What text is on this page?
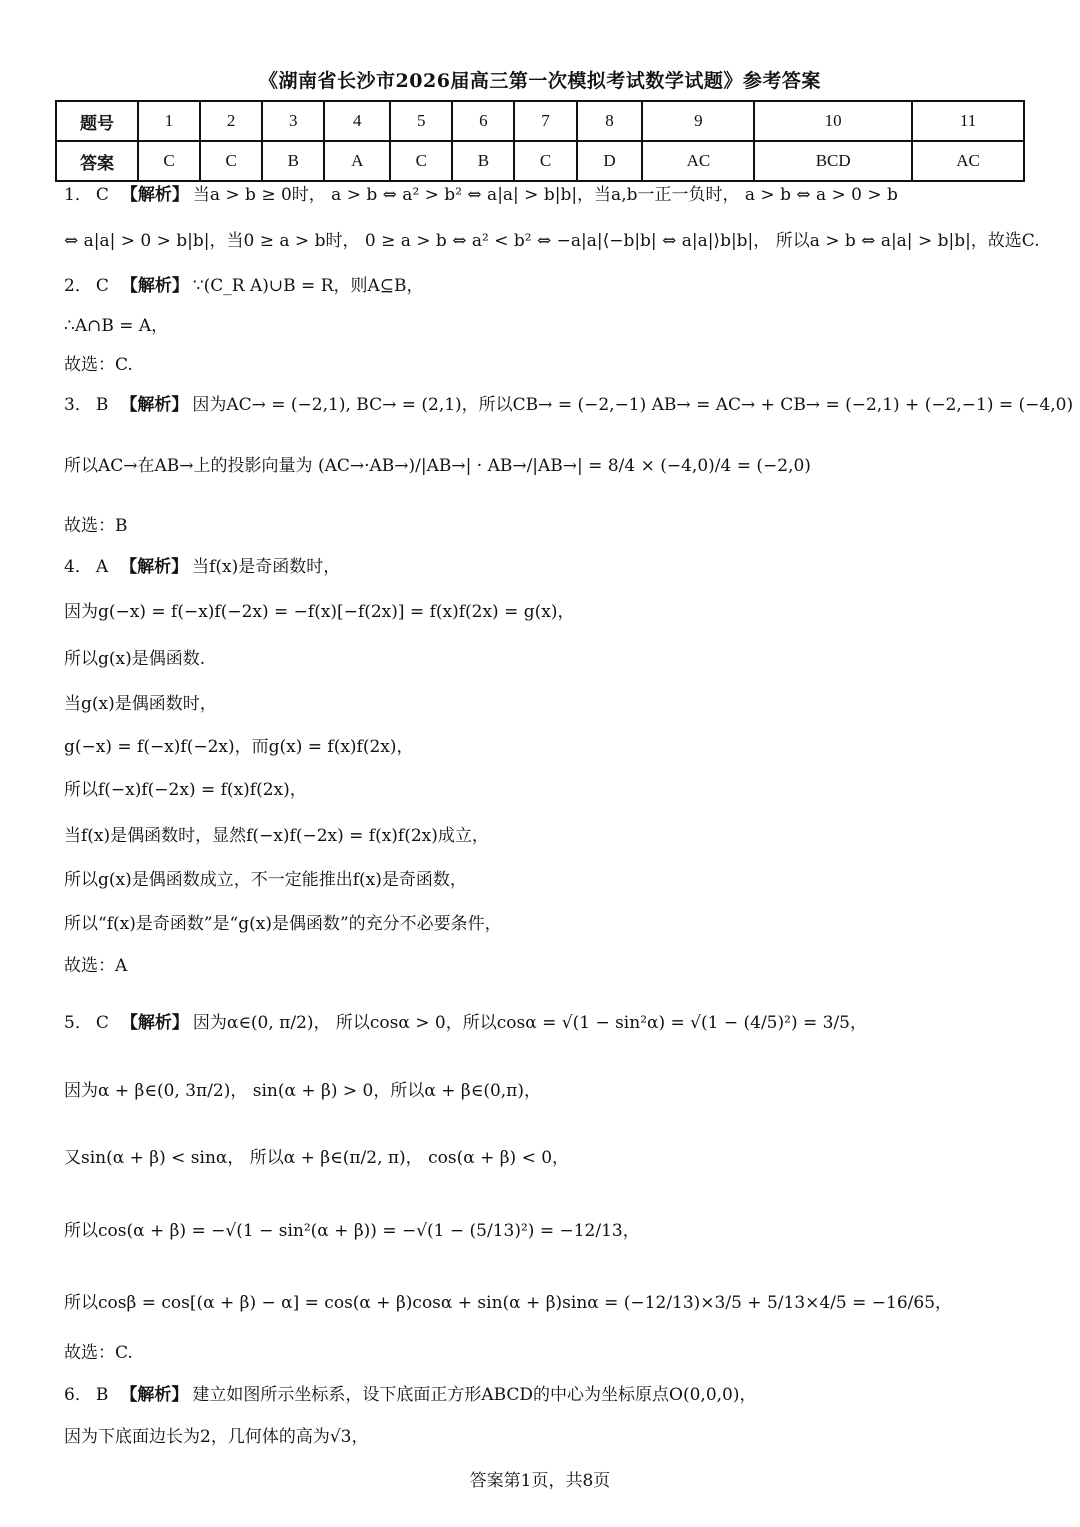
《湖南省长沙市2026届高三第一次模拟考试数学试题》参考答案
题号	1	2	3	4	5	6	7	8	9	10	11
答案	C	C	B	A	C	B	C	D	AC	BCD	AC
1． C 【解析】 当a > b ≥ 0时， a > b ⇔ a² > b² ⇔ a|a| > b|b|，当a,b一正一负时， a > b ⇔ a > 0 > b
⇔ a|a| > 0 > b|b|，当0 ≥ a > b时， 0 ≥ a > b ⇔ a² < b² ⇔ −a|a|⟨−b|b| ⇔ a|a|⟩b|b|， 所以a > b ⇔ a|a| > b|b|，故选C.
2． C 【解析】 ∵(C_R A)∪B = R，则A⊆B，
∴A∩B = A，
故选：C.
3． B 【解析】 因为AC→ = (−2,1), BC→ = (2,1)，所以CB→ = (−2,−1) AB→ = AC→ + CB→ = (−2,1) + (−2,−1) = (−4,0)
所以AC→在AB→上的投影向量为 (AC→·AB→)/|AB→| · AB→/|AB→| = 8/4 × (−4,0)/4 = (−2,0)
故选：B
4． A 【解析】 当f(x)是奇函数时，
因为g(−x) = f(−x)f(−2x) = −f(x)[−f(2x)] = f(x)f(2x) = g(x)，
所以g(x)是偶函数.
当g(x)是偶函数时，
g(−x) = f(−x)f(−2x)，而g(x) = f(x)f(2x)，
所以f(−x)f(−2x) = f(x)f(2x)，
当f(x)是偶函数时，显然f(−x)f(−2x) = f(x)f(2x)成立，
所以g(x)是偶函数成立，不一定能推出f(x)是奇函数，
所以“f(x)是奇函数”是“g(x)是偶函数”的充分不必要条件，
故选：A
5． C 【解析】 因为α∈(0, π/2)， 所以cosα > 0，所以cosα = √(1 − sin²α) = √(1 − (4/5)²) = 3/5，
因为α + β∈(0, 3π/2)， sin(α + β) > 0，所以α + β∈(0,π)，
又sin(α + β) < sinα， 所以α + β∈(π/2, π)， cos(α + β) < 0，
所以cos(α + β) = −√(1 − sin²(α + β)) = −√(1 − (5/13)²) = −12/13，
所以cosβ = cos[(α + β) − α] = cos(α + β)cosα + sin(α + β)sinα = (−12/13)×3/5 + 5/13×4/5 = −16/65，
故选：C.
6． B 【解析】 建立如图所示坐标系，设下底面正方形ABCD的中心为坐标原点O(0,0,0)，
因为下底面边长为2，几何体的高为√3，
答案第1页，共8页
